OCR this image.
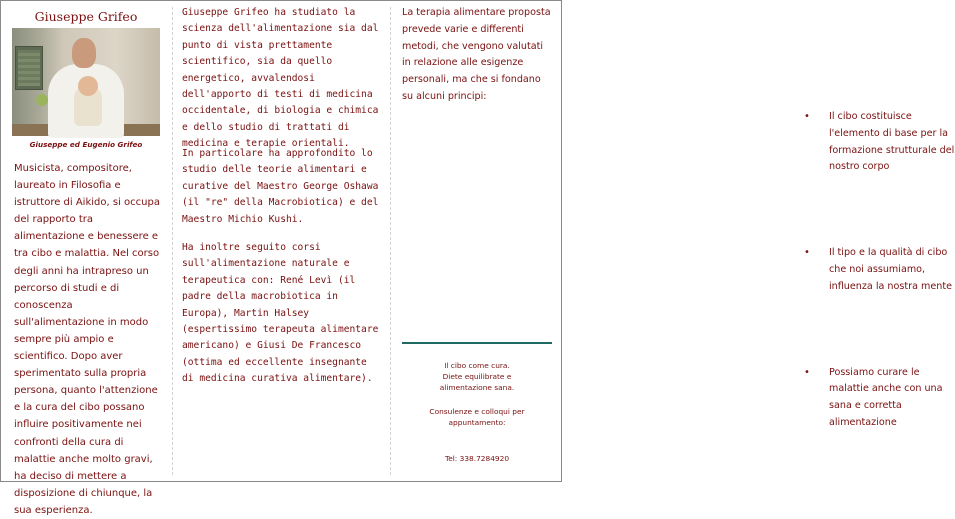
Giuseppe Grifeo
Giuseppe ed Eugenio Grifeo
Musicista, compositore, laureato in Filosofia e istruttore di Aikido, si occupa del rapporto tra alimentazione e benessere e tra cibo e malattia. Nel corso degli anni ha intrapreso un percorso di studi e di conoscenza sull'alimentazione in modo sempre più ampio e scientifico. Dopo aver sperimentato sulla propria persona, quanto l'attenzione e la cura del cibo possano influire positivamente nei confronti della cura di malattie anche molto gravi, ha deciso di mettere a disposizione di chiunque, la sua esperienza.
Giuseppe Grifeo ha studiato la scienza dell'alimentazione sia dal punto di vista prettamente scientifico, sia da quello energetico, avvalendosi dell'apporto di testi di medicina occidentale, di biologia e chimica e dello studio di trattati di medicina e terapie orientali.
In particolare ha approfondito lo studio delle teorie alimentari e curative del Maestro George Oshawa (il "re" della Macrobiotica) e del Maestro Michio Kushi.
Ha inoltre seguito corsi sull'alimentazione naturale e terapeutica con: René Levì (il padre della macrobiotica in Europa), Martin Halsey (espertissimo terapeuta alimentare americano) e Giusi De Francesco (ottima ed eccellente insegnante di medicina curativa alimentare).
La terapia alimentare proposta prevede varie e differenti metodi, che vengono valutati in relazione alle esigenze personali, ma che si fondano su alcuni principi:
• Il cibo costituisce l'elemento di base per la formazione strutturale del nostro corpo
• Il tipo e la qualità di cibo che noi assumiamo, influenza la nostra mente
• Possiamo curare le malattie anche con una sana e corretta alimentazione
Il cibo come cura.
Diete equilibrate e
alimentazione sana.
Consulenze e colloqui per
appuntamento:
Tel: 338.7284920
